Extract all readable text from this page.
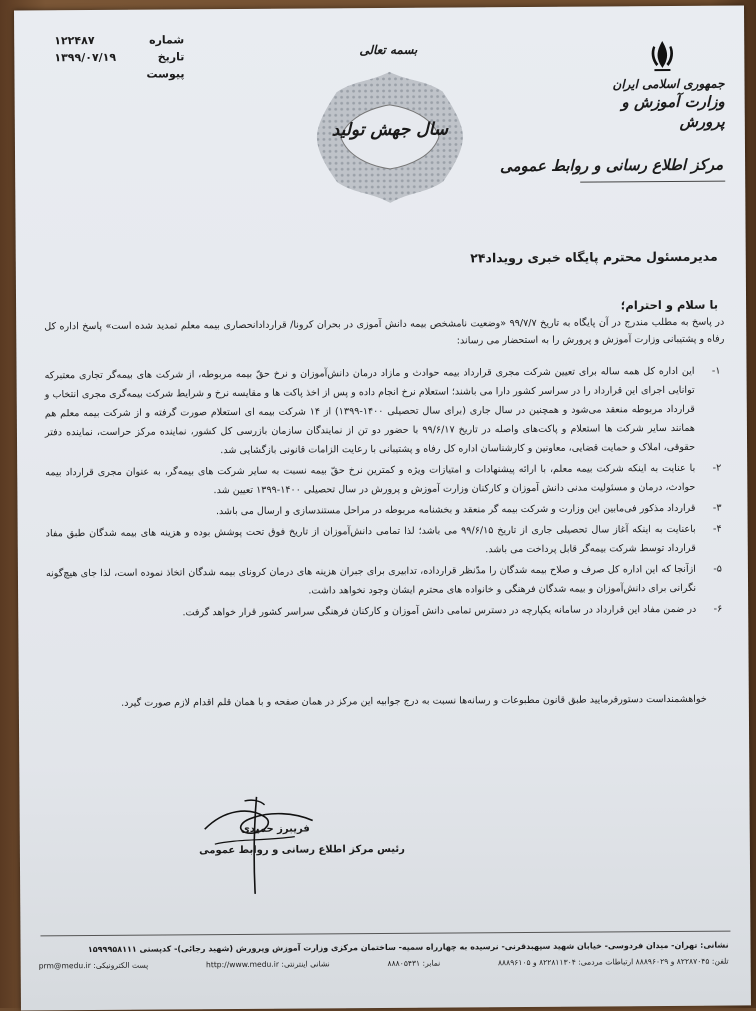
جمهوری اسلامی ایران
وزارت آموزش و پرورش
مرکز اطلاع رسانی و روابط عمومی
بسمه تعالی
سال جهش تولید
شماره
۱۲۲۴۸۷
تاریخ
۱۳۹۹/۰۷/۱۹
پیوست
مدیرمسئول محترم پایگاه خبری رویداد۲۴
با سلام و احترام؛
در پاسخ به مطلب مندرج در آن پایگاه به تاریخ ۹۹/۷/۷ «وضعیت نامشخص بیمه دانش آموزی در بحران کرونا/ قراردادانحصاری بیمه معلم تمدید شده است» پاسخ اداره کل رفاه و پشتیبانی وزارت آموزش و پرورش را به استحضار می رساند:
۱-
این اداره کل همه ساله برای تعیین شرکت مجری قرارداد بیمه حوادث و مازاد درمان دانش‌آموزان و نرخ حقّ بیمه مربوطه، از شرکت های بیمه‌گر تجاری معتبرکه توانایی اجرای این قرارداد را در سراسر کشور دارا می باشند؛ استعلام نرخ انجام داده و پس از اخذ پاکت ها و مقایسه نرخ و شرایط شرکت بیمه‌گری مجری انتخاب و قرارداد مربوطه منعقد می‌شود و همچنین در سال جاری (برای سال تحصیلی ۱۴۰۰-۱۳۹۹) از ۱۴ شرکت بیمه ای استعلام صورت گرفته و از شرکت بیمه معلم هم همانند سایر شرکت ها استعلام و پاکت‌های واصله در تاریخ ۹۹/۶/۱۷ با حضور دو تن از نمایندگان سازمان بازرسی کل کشور، نماینده مرکز حراست، نماینده دفتر حقوقی، املاک و حمایت قضایی، معاونین و کارشناسان اداره کل رفاه و پشتیبانی با رعایت الزامات قانونی بازگشایی شد.
۲-
با عنایت به اینکه شرکت بیمه معلم، با ارائه پیشنهادات و امتیازات ویژه و کمترین نرخ حقّ بیمه نسبت به سایر شرکت های بیمه‌گر، به عنوان مجری قرارداد بیمه حوادث، درمان و مسئولیت مدنی دانش آموزان و کارکنان وزارت آموزش و پرورش در سال تحصیلی ۱۴۰۰-۱۳۹۹ تعیین شد.
۳-
قرارداد مذکور فی‌مابین این وزارت و شرکت بیمه گر منعقد و بخشنامه مربوطه در مراحل مستندسازی و ارسال می باشد.
۴-
باعنایت به اینکه آغاز سال تحصیلی جاری از تاریخ ۹۹/۶/۱۵ می باشد؛ لذا تمامی دانش‌آموزان از تاریخ فوق تحت پوشش بوده و هزینه های بیمه شدگان طبق مفاد قرارداد توسط شرکت بیمه‌گر قابل پرداخت می باشد.
۵-
ازآنجا که این اداره کل صرف و صلاح بیمه شدگان را مدّنظر قرارداده، تدابیری برای جبران هزینه های درمان کرونای بیمه شدگان اتخاذ نموده است، لذا جای هیچ‌گونه نگرانی برای دانش‌آموزان و بیمه شدگان فرهنگی و خانواده های محترم ایشان وجود نخواهد داشت.
۶-
در ضمن مفاد این قرارداد در سامانه یکپارچه در دسترس تمامی دانش آموزان و کارکنان فرهنگی سراسر کشور قرار خواهد گرفت.
خواهشمنداست دستورفرمایید طبق قانون مطبوعات و رسانه‌ها نسبت به درج جوابیه این مرکز در همان صفحه و با همان قلم اقدام لازم صورت گیرد.
فریبرز حمیدی
رئیس مرکز اطلاع رسانی و روابط عمومی
نشانی: تهران- میدان فردوسی- خیابان شهید سپهبدقرنی- نرسیده به چهارراه سمیه- ساختمان مرکزی وزارت آموزش وپرورش (شهید رجائی)- کدپستی ۱۵۹۹۹۵۸۱۱۱
تلفن: ۸۲۲۸۷۰۴۵ و ۸۸۸۹۶۰۲۹ ارتباطات مردمی: ۸۲۲۸۱۱۳۰۴ و ۸۸۸۹۶۱۰۵
نمابر: ۸۸۸۰۵۴۳۱
نشانی اینترنتی: http://www.medu.ir
پست الکترونیکی: prm@medu.ir
